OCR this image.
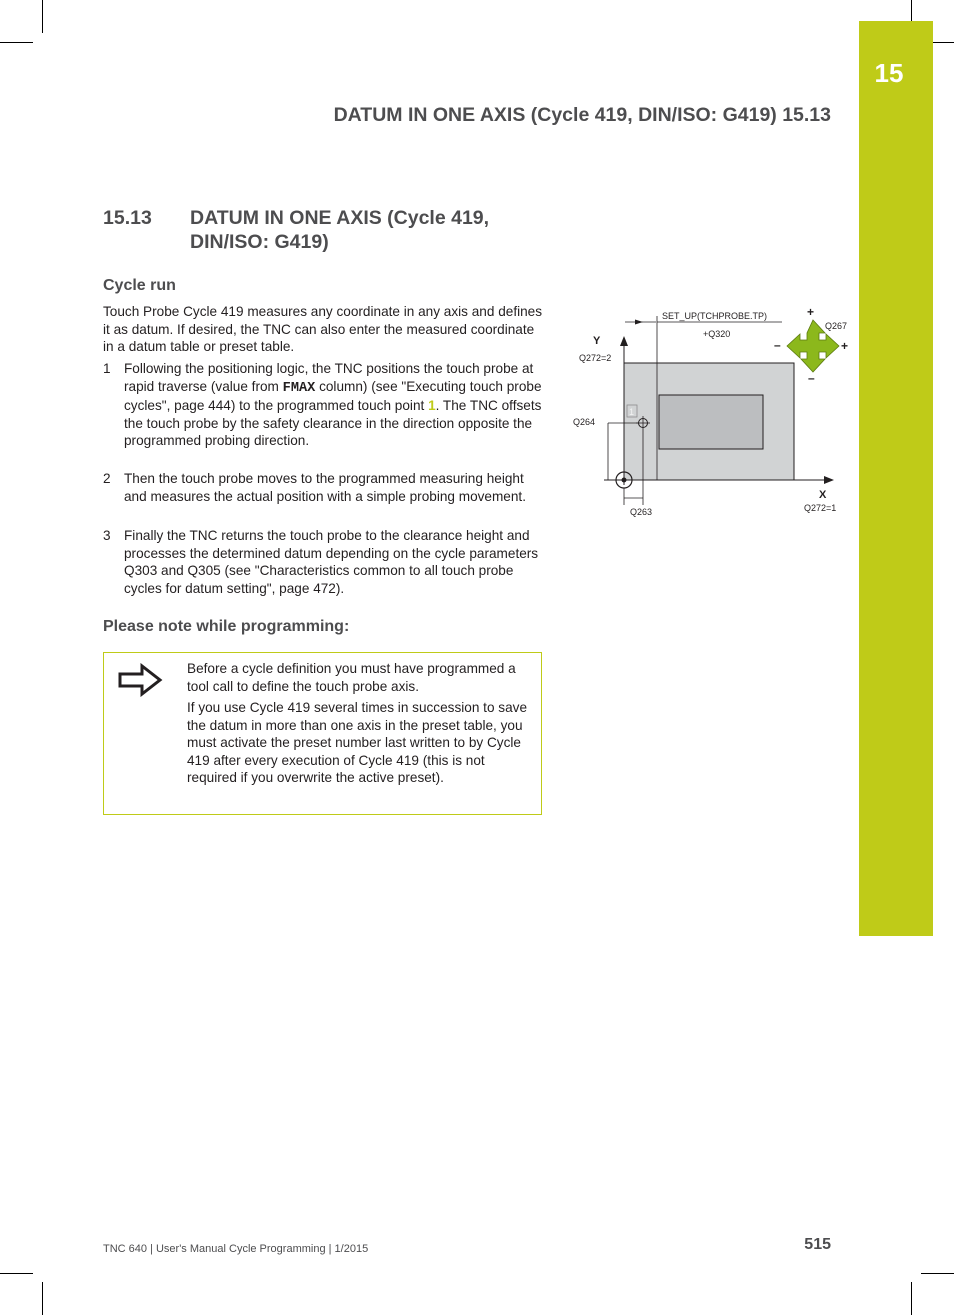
15
DATUM IN ONE AXIS (Cycle 419, DIN/ISO: G419) 15.13
15.13 DATUM IN ONE AXIS (Cycle 419, DIN/ISO: G419)
Cycle run
Touch Probe Cycle 419 measures any coordinate in any axis and defines it as datum. If desired, the TNC can also enter the measured coordinate in a datum table or preset table.
1 Following the positioning logic, the TNC positions the touch probe at rapid traverse (value from FMAX column) (see "Executing touch probe cycles", page 444) to the programmed touch point 1. The TNC offsets the touch probe by the safety clearance in the direction opposite the programmed probing direction.
2 Then the touch probe moves to the programmed measuring height and measures the actual position with a simple probing movement.
3 Finally the TNC returns the touch probe to the clearance height and processes the determined datum depending on the cycle parameters Q303 and Q305 (see "Characteristics common to all touch probe cycles for datum setting", page 472).
Please note while programming:
Before a cycle definition you must have programmed a tool call to define the touch probe axis.
If you use Cycle 419 several times in succession to save the datum in more than one axis in the preset table, you must activate the preset number last written to by Cycle 419 after every execution of Cycle 419 (this is not required if you overwrite the active preset).
Y
X
Q272=2
Q272=1
SET_UP(TCHPROBE.TP)
+Q320
1
Q264
Q263
+
+
–
–
Q267
TNC 640 | User's Manual Cycle Programming | 1/2015	515
